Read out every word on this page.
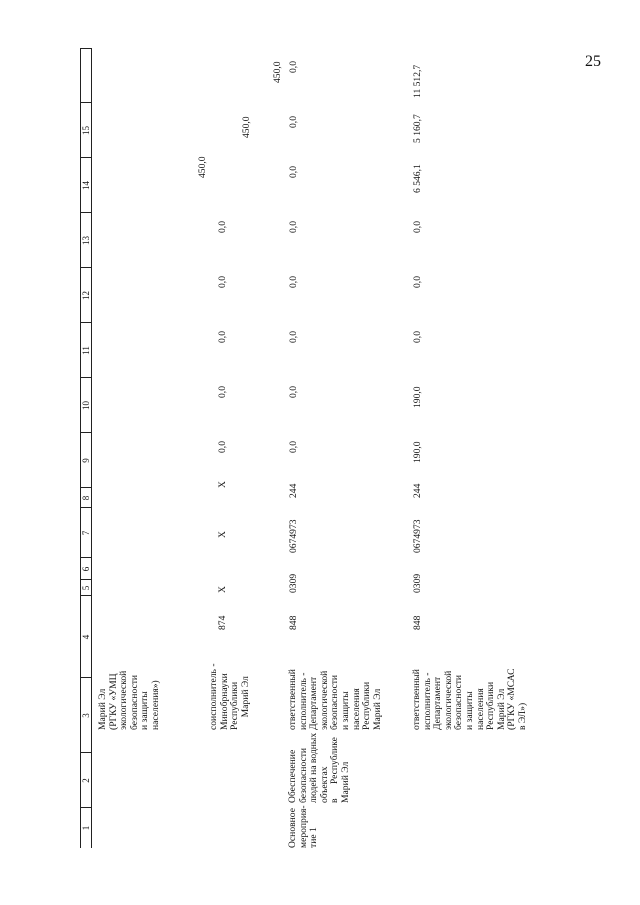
25
1
2
3
4
5
6
7
8
9
10
11
12
13
14
15
Марий Эл (РГКУ «УМЦ экологической безопасности и защиты населения»)
450,0
450,0
450,0
соисполнитель - Минобрнауки Республики Марий Эл
874
X
X
X
0,0
0,0
0,0
0,0
0,0
Основное мероприя- тие 1
Обеспечение безопасности людей на водных объектах в      Республике Марий Эл
ответственный исполнитель - Департамент экологической безопасности и защиты населения Республики Марий Эл
848
0309
0674973
244
0,0
0,0
0,0
0,0
0,0
0,0
0,0
0,0
ответственный исполнитель - Департамент экологической безопасности и защиты населения Республики Марий Эл (РГКУ «МСАС в ЭЛ»)
848
0309
0674973
244
190,0
190,0
0,0
0,0
0,0
6 546,1
5 160,7
11 512,7
